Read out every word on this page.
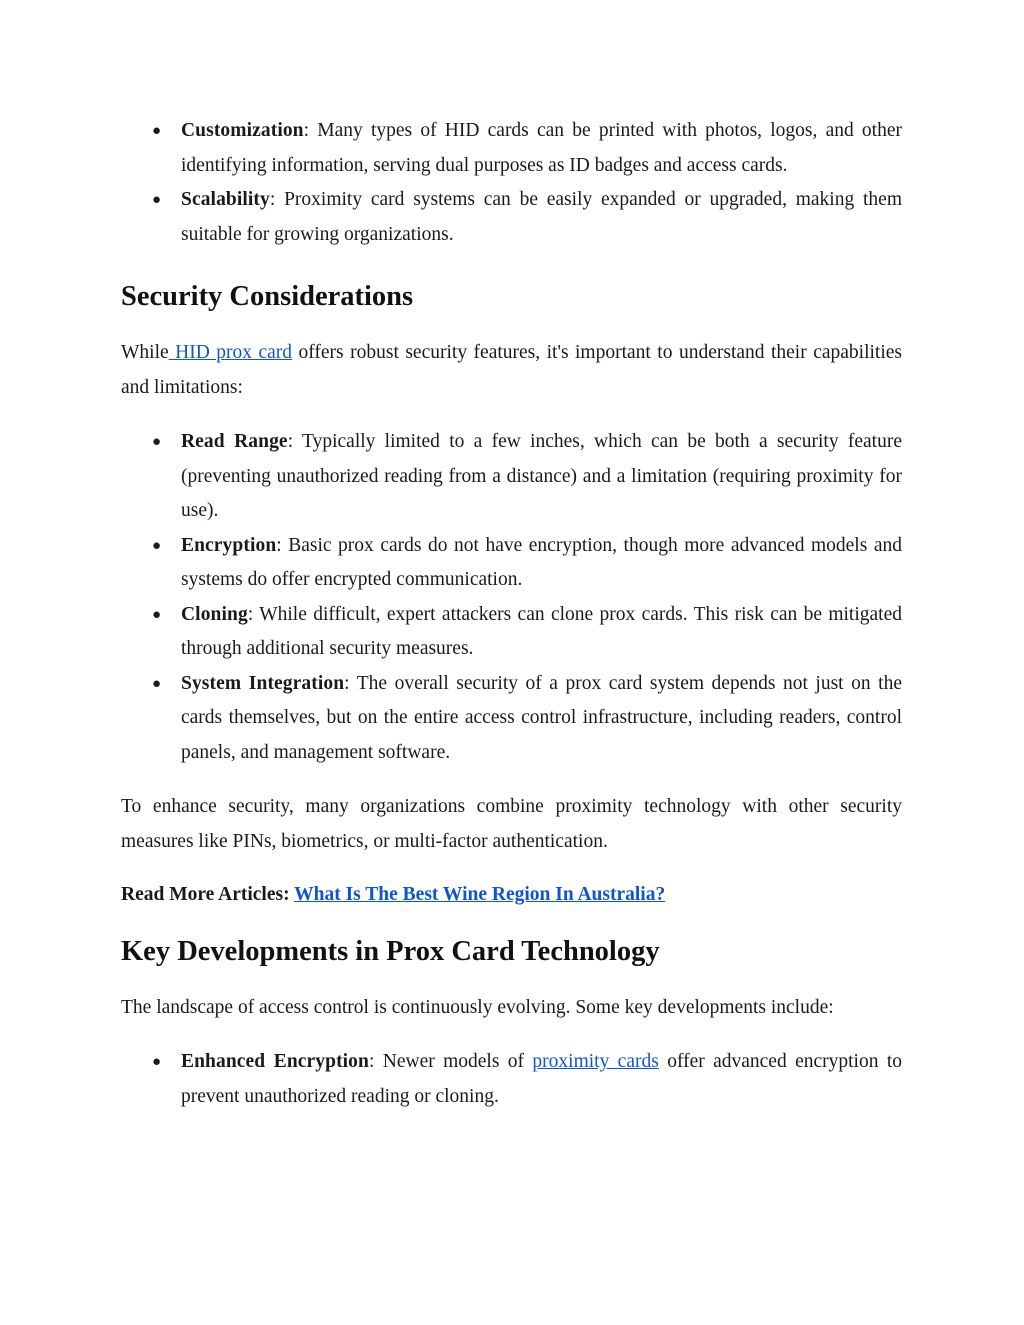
● Customization: Many types of HID cards can be printed with photos, logos, and other identifying information, serving dual purposes as ID badges and access cards.
● Scalability: Proximity card systems can be easily expanded or upgraded, making them suitable for growing organizations.
Security Considerations

While HID prox card offers robust security features, it's important to understand their capabilities and limitations:

● Read Range: Typically limited to a few inches, which can be both a security feature (preventing unauthorized reading from a distance) and a limitation (requiring proximity for use).
● Encryption: Basic prox cards do not have encryption, though more advanced models and systems do offer encrypted communication.
● Cloning: While difficult, expert attackers can clone prox cards. This risk can be mitigated through additional security measures.
● System Integration: The overall security of a prox card system depends not just on the cards themselves, but on the entire access control infrastructure, including readers, control panels, and management software.

To enhance security, many organizations combine proximity technology with other security measures like PINs, biometrics, or multi-factor authentication.

Read More Articles: What Is The Best Wine Region In Australia?

Key Developments in Prox Card Technology

The landscape of access control is continuously evolving. Some key developments include:

● Enhanced Encryption: Newer models of proximity cards offer advanced encryption to prevent unauthorized reading or cloning.
